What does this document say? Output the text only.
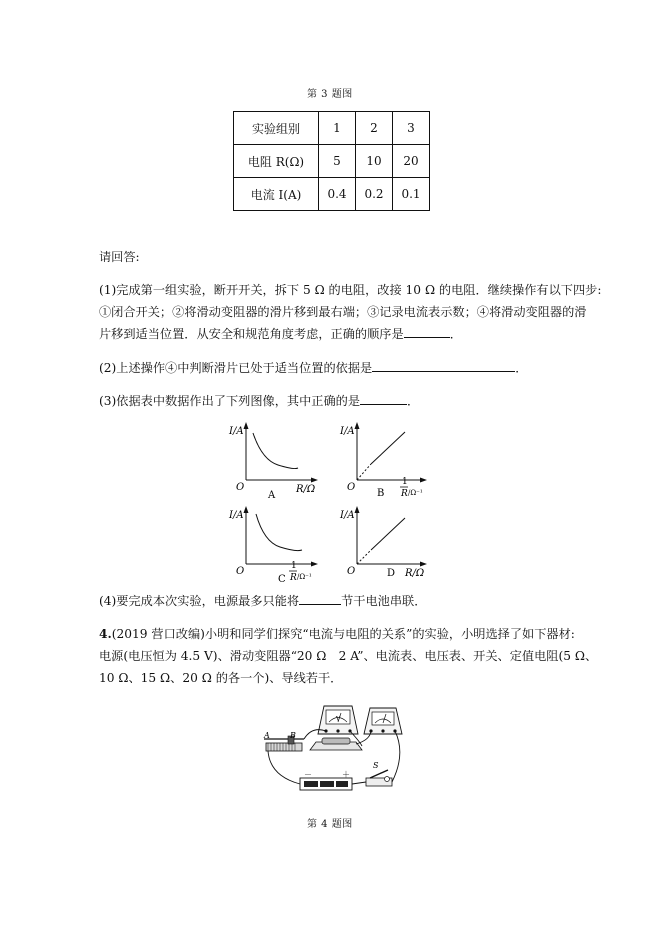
第 3 题图
实验组别	1	2	3
电阻 R(Ω)	5	10	20
电流 I(A)	0.4	0.2	0.1
请回答:
(1)完成第一组实验，断开开关，拆下 5 Ω 的电阻，改接 10 Ω 的电阻．继续操作有以下四步:
①闭合开关；②将滑动变阻器的滑片移到最右端；③记录电流表示数；④将滑动变阻器的滑
片移到适当位置．从安全和规范角度考虑，正确的顺序是	．
(2)上述操作④中判断滑片已处于适当位置的依据是	．
(3)依据表中数据作出了下列图像，其中正确的是	．
I/A
O	R/Ω
A
I/A
O
B
1
R /Ω⁻¹
I/A
O
C
1
R /Ω⁻¹
I/A
O	D R/Ω
(4)要完成本次实验，电源最多只能将	节干电池串联．
4.(2019 营口改编)小明和同学们探究“电流与电阻的关系”的实验，小明选择了如下器材:
电源(电压恒为 4.5 V)、滑动变阻器“20 Ω　2 A”、电流表、电压表、开关、定值电阻(5 Ω、
10 Ω、15 Ω、20 Ω 的各一个)、导线若干．
V
A	B
－	＋
S
第 4 题图
